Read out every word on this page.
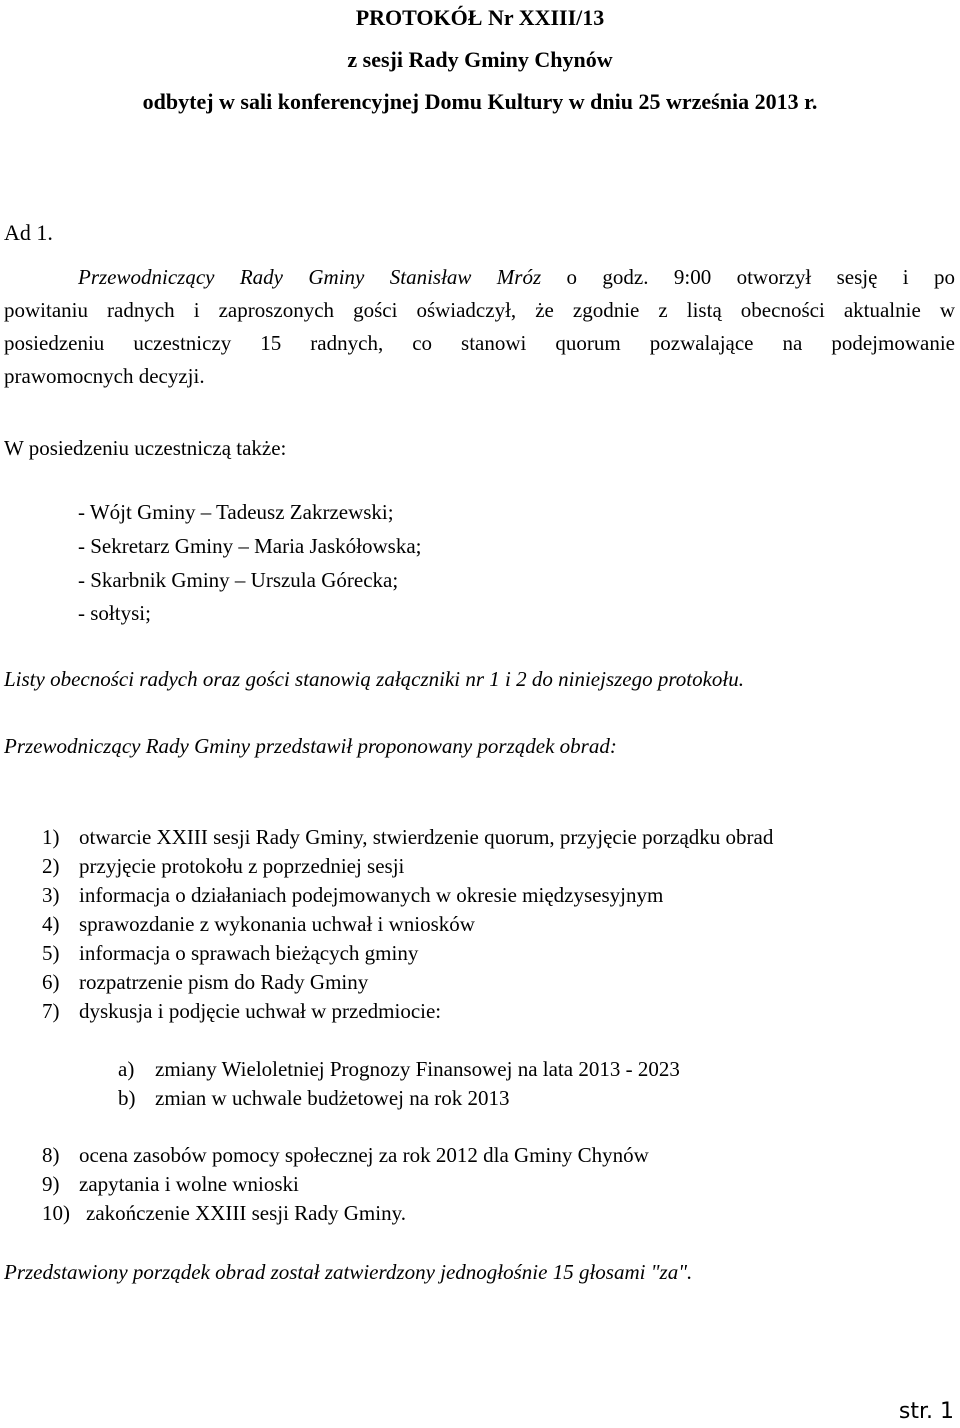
PROTOKÓŁ Nr XXIII/13
z sesji Rady Gminy Chynów
odbytej w sali konferencyjnej Domu Kultury w dniu 25 września 2013 r.
Ad 1.
Przewodniczący Rady Gminy Stanisław Mróz o godz. 9:00 otworzył sesję i po
powitaniu radnych i zaproszonych gości oświadczył, że zgodnie z listą obecności aktualnie w
posiedzeniu uczestniczy 15 radnych, co stanowi quorum pozwalające na podejmowanie
prawomocnych decyzji.
W posiedzeniu uczestniczą także:
- Wójt Gminy – Tadeusz Zakrzewski;
- Sekretarz Gminy – Maria Jaskółowska;
- Skarbnik Gminy – Urszula Górecka;
- sołtysi;
Listy obecności radych oraz gości stanowią załączniki nr 1 i 2 do niniejszego protokołu.
Przewodniczący Rady Gminy przedstawił proponowany porządek obrad:
1) otwarcie XXIII sesji Rady Gminy, stwierdzenie quorum, przyjęcie porządku obrad
2) przyjęcie protokołu z poprzedniej sesji
3) informacja o działaniach podejmowanych w okresie międzysesyjnym
4) sprawozdanie z wykonania uchwał i wniosków
5) informacja o sprawach bieżących gminy
6) rozpatrzenie pism do Rady Gminy
7) dyskusja i podjęcie uchwał w przedmiocie:
a) zmiany Wieloletniej Prognozy Finansowej na lata 2013 - 2023
b) zmian w uchwale budżetowej na rok 2013
8) ocena zasobów pomocy społecznej za rok 2012 dla Gminy Chynów
9) zapytania i wolne wnioski
10) zakończenie XXIII sesji Rady Gminy.
Przedstawiony porządek obrad został zatwierdzony jednogłośnie 15 głosami "za".
str. 1
